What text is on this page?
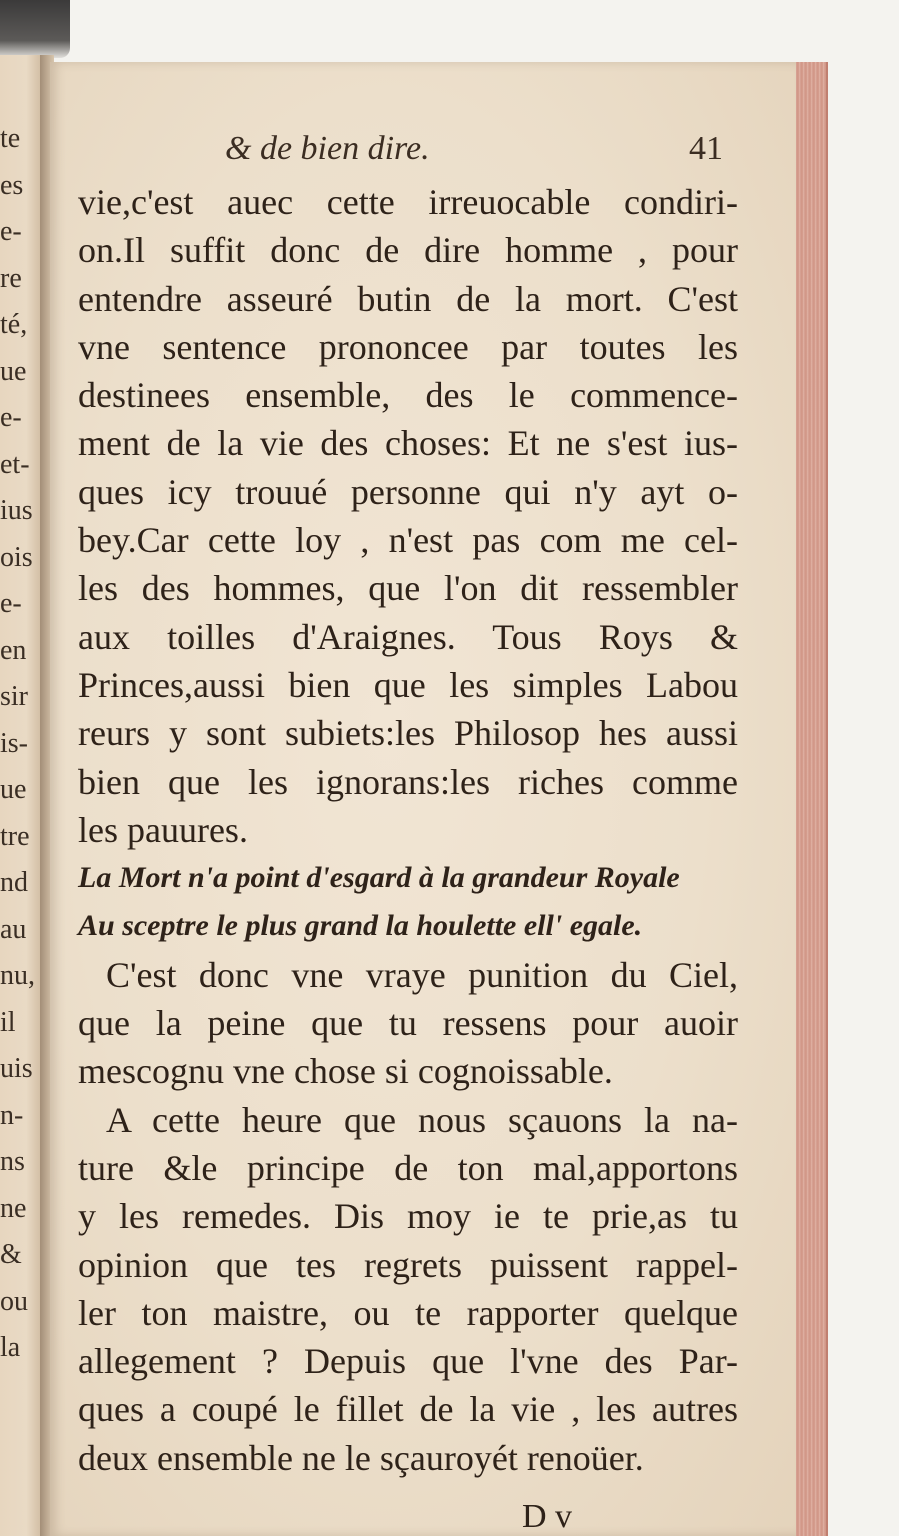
te
es
e-
re
té,
ue
e-
et-
ius
ois
e-
en
sir
is-
ue
tre
nd
au
nu,
il
uis
n-
ns
ne
&
ou
la
& de bien dire.	41
vie,c'est auec cette irreuocable condiri-
on.Il suffit donc de dire homme , pour
entendre asseuré butin de la mort. C'est
vne sentence prononcee par toutes les
destinees ensemble, des le commence-
ment de la vie des choses: Et ne s'est ius-
ques icy trouué personne qui n'y ayt o-
bey.Car cette loy , n'est pas com me cel-
les des hommes, que l'on dit ressembler
aux toilles d'Araignes. Tous Roys &
Princes,aussi bien que les simples Labou
reurs y sont subiets:les Philosop hes aussi
bien que les ignorans:les riches comme
les pauures.
La Mort n'a point d'esgard à la grandeur Royale
Au sceptre le plus grand la houlette ell' egale.
C'est donc vne vraye punition du Ciel,
que la peine que tu ressens pour auoir
mescognu vne chose si cognoissable.
A cette heure que nous sçauons la na-
ture &le principe de ton mal,apportons
y les remedes. Dis moy ie te prie,as tu
opinion que tes regrets puissent rappel-
ler ton maistre, ou te rapporter quelque
allegement ? Depuis que l'vne des Par-
ques a coupé le fillet de la vie , les autres
deux ensemble ne le sçauroyét renoüer.
D v
